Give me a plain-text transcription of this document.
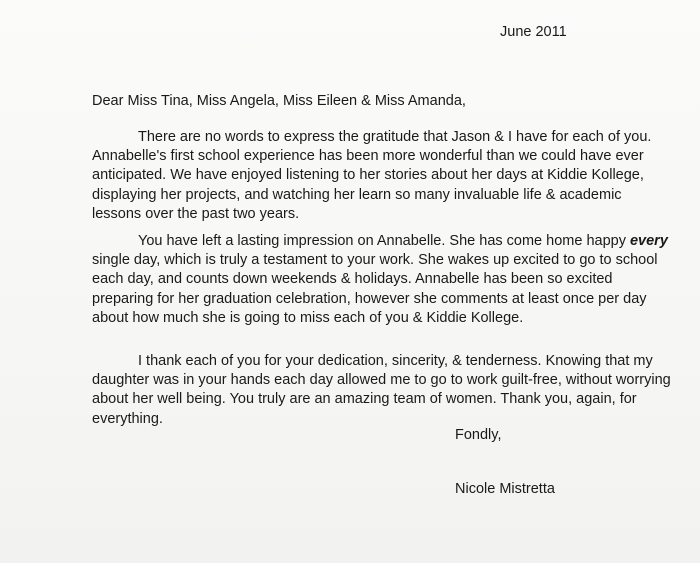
June 2011
Dear Miss Tina, Miss Angela, Miss Eileen & Miss Amanda,

There are no words to express the gratitude that Jason & I have for each of you. Annabelle's first school experience has been more wonderful than we could have ever anticipated. We have enjoyed listening to her stories about her days at Kiddie Kollege, displaying her projects, and watching her learn so many invaluable life & academic lessons over the past two years.

You have left a lasting impression on Annabelle. She has come home happy every single day, which is truly a testament to your work. She wakes up excited to go to school each day, and counts down weekends & holidays. Annabelle has been so excited preparing for her graduation celebration, however she comments at least once per day about how much she is going to miss each of you & Kiddie Kollege.

I thank each of you for your dedication, sincerity, & tenderness. Knowing that my daughter was in your hands each day allowed me to go to work guilt-free, without worrying about her well being. You truly are an amazing team of women. Thank you, again, for everything.

Fondly,
Nicole Mistretta
